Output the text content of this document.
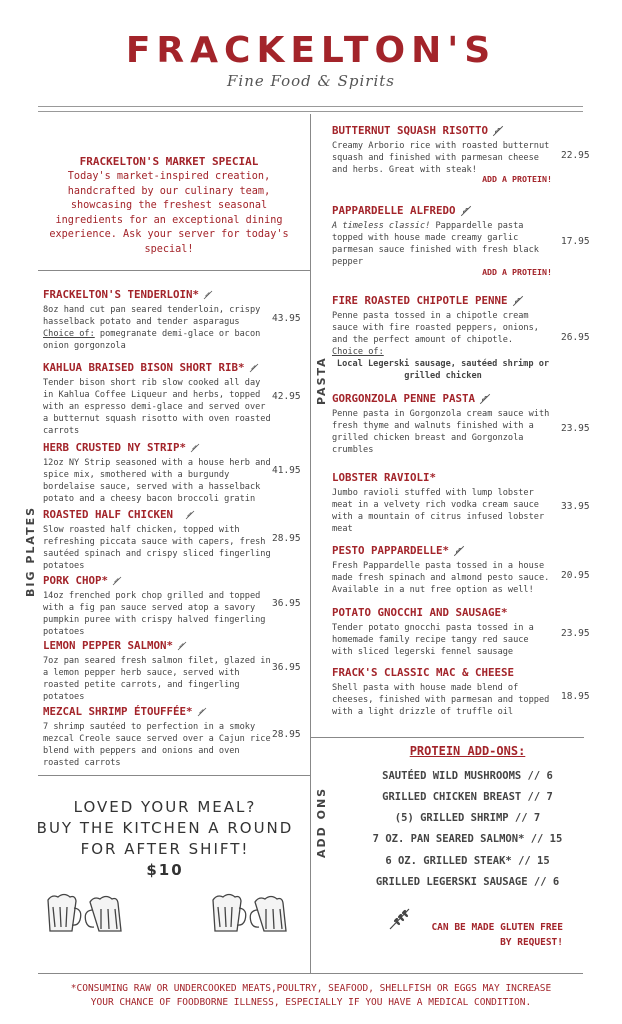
FRACKELTON'S
Fine Food & Spirits
FRACKELTON'S MARKET SPECIAL
Today's market-inspired creation, handcrafted by our culinary team, showcasing the freshest seasonal ingredients for an exceptional dining experience. Ask your server for today's special!
BIG PLATES
PASTA
ADD ONS
FRACKELTON'S TENDERLOIN*
8oz hand cut pan seared tenderloin, crispy hasselback potato and tender asparagus
Choice of: pomegranate demi-glace or bacon onion gorgonzola
43.95
KAHLUA BRAISED BISON SHORT RIB*
Tender bison short rib slow cooked all day in Kahlua Coffee Liqueur and herbs, topped with an espresso demi-glace and served over a butternut squash risotto with oven roasted carrots
42.95
HERB CRUSTED NY STRIP*
12oz NY Strip seasoned with a house herb and spice mix, smothered with a burgundy bordelaise sauce, served with a hasselback potato and a cheesy bacon broccoli gratin
41.95
ROASTED HALF CHICKEN
Slow roasted half chicken, topped with refreshing piccata sauce with capers, fresh sautéed spinach and crispy sliced fingerling potatoes
28.95
PORK CHOP*
14oz frenched pork chop grilled and topped with a fig pan sauce served atop a savory pumpkin puree with crispy halved fingerling potatoes
36.95
LEMON PEPPER SALMON*
7oz pan seared fresh salmon filet, glazed in a lemon pepper herb sauce, served with roasted petite carrots, and fingerling potatoes
36.95
MEZCAL SHRIMP ÉTOUFFÉE*
7 shrimp sautéed to perfection in a smoky mezcal Creole sauce served over a Cajun rice blend with peppers and onions and oven roasted carrots
28.95
BUTTERNUT SQUASH RISOTTO
Creamy Arborio rice with roasted butternut squash and finished with parmesan cheese and herbs. Great with steak!
22.95
ADD A PROTEIN!
PAPPARDELLE ALFREDO
A timeless classic! Pappardelle pasta topped with house made creamy garlic parmesan sauce finished with fresh black pepper
17.95
ADD A PROTEIN!
FIRE ROASTED CHIPOTLE PENNE
Penne pasta tossed in a chipotle cream sauce with fire roasted peppers, onions, and the perfect amount of chipotle.
Choice of:
Local Legerski sausage, sautéed shrimp or grilled chicken
26.95
GORGONZOLA PENNE PASTA
Penne pasta in Gorgonzola cream sauce with fresh thyme and walnuts finished with a grilled chicken breast and Gorgonzola crumbles
23.95
LOBSTER RAVIOLI*
Jumbo ravioli stuffed with lump lobster meat in a velvety rich vodka cream sauce with a mountain of citrus infused lobster meat
33.95
PESTO PAPPARDELLE*
Fresh Pappardelle pasta tossed in a house made fresh spinach and almond pesto sauce. Available in a nut free option as well!
20.95
POTATO GNOCCHI AND SAUSAGE*
Tender potato gnocchi pasta tossed in a homemade family recipe tangy red sauce with sliced legerski fennel sausage
23.95
FRACK'S CLASSIC MAC & CHEESE
Shell pasta with house made blend of cheeses, finished with parmesan and topped with a light drizzle of truffle oil
18.95
PROTEIN ADD-ONS:
SAUTÉED WILD MUSHROOMS // 6
GRILLED CHICKEN BREAST // 7
(5) GRILLED SHRIMP // 7
7 OZ. PAN SEARED SALMON* // 15
6 OZ. GRILLED STEAK* // 15
GRILLED LEGERSKI SAUSAGE // 6
CAN BE MADE GLUTEN FREE
BY REQUEST!
LOVED YOUR MEAL?
BUY THE KITCHEN A ROUND
FOR AFTER SHIFT!
$10
*CONSUMING RAW OR UNDERCOOKED MEATS,POULTRY, SEAFOOD, SHELLFISH OR EGGS MAY INCREASE
YOUR CHANCE OF FOODBORNE ILLNESS, ESPECIALLY IF YOU HAVE A MEDICAL CONDITION.
